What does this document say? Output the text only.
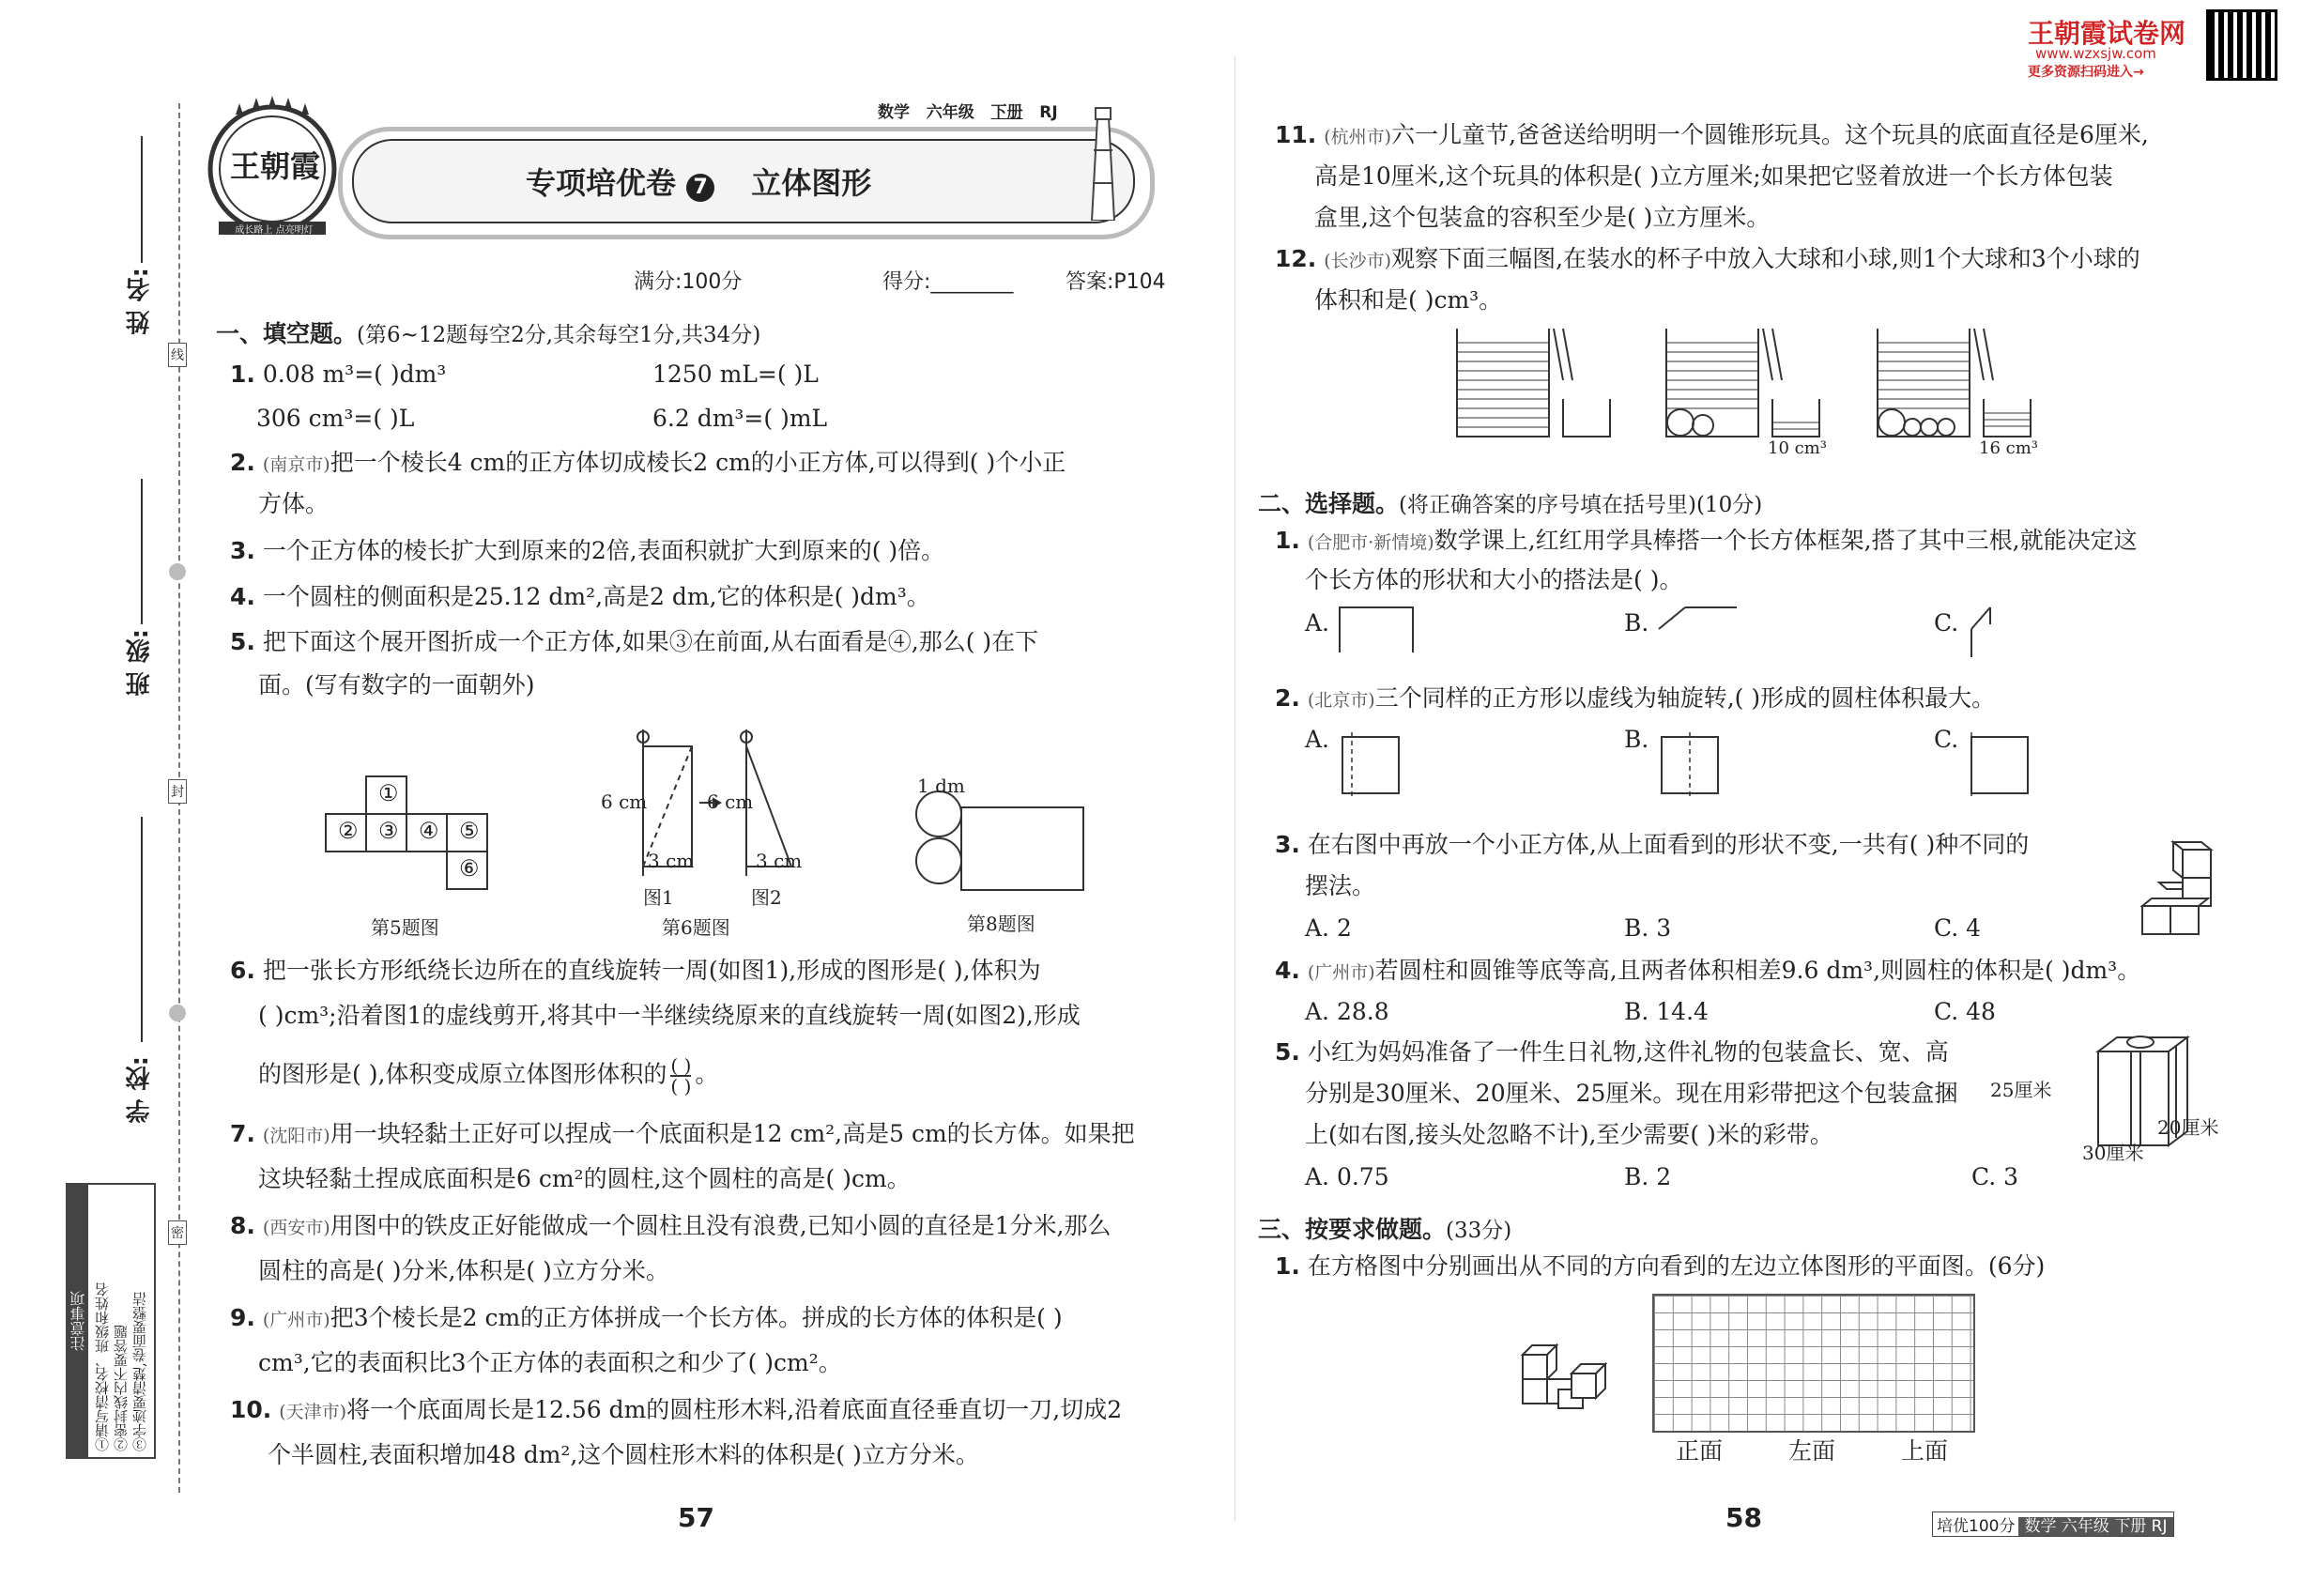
姓 名:
班 级:
学 校:
线
封
密
注意事项 ①请写清校名、班级和姓名 ②密封线内不要答题 ③字迹要清楚,卷面要整洁
王朝霞
成长路上 点亮明灯
专项培优卷 7 立体图形
数学 六年级 下册 RJ
满分:100分	得分:________	答案:P104
王朝霞试卷网
www.wzxsjw.com
更多资源扫码进入→
一、填空题。(第6~12题每空2分,其余每空1分,共34分)
1. 0.08 m³=( )dm³	1250 mL=( )L
306 cm³=( )L	6.2 dm³=( )mL
2. (南京市)把一个棱长4 cm的正方体切成棱长2 cm的小正方体,可以得到( )个小正
方体。
3. 一个正方体的棱长扩大到原来的2倍,表面积就扩大到原来的( )倍。
4. 一个圆柱的侧面积是25.12 dm²,高是2 dm,它的体积是( )dm³。
5. 把下面这个展开图折成一个正方体,如果③在前面,从右面看是④,那么( )在下
面。(写有数字的一面朝外)
①
② ③ ④ ⑤
⑥
第5题图
6 cm	6 cm
3 cm	3 cm
图1	图2
第6题图
1 dm
第8题图
6. 把一张长方形纸绕长边所在的直线旋转一周(如图1),形成的图形是( ),体积为
( )cm³;沿着图1的虚线剪开,将其中一半继续绕原来的直线旋转一周(如图2),形成
的图形是( ),体积变成原立体图形体积的 ( )
( ) 。
7. (沈阳市)用一块轻黏土正好可以捏成一个底面积是12 cm²,高是5 cm的长方体。如果把
这块轻黏土捏成底面积是6 cm²的圆柱,这个圆柱的高是( )cm。
8. (西安市)用图中的铁皮正好能做成一个圆柱且没有浪费,已知小圆的直径是1分米,那么
圆柱的高是( )分米,体积是( )立方分米。
9. (广州市)把3个棱长是2 cm的正方体拼成一个长方体。拼成的长方体的体积是( )
cm³,它的表面积比3个正方体的表面积之和少了( )cm²。
10. (天津市)将一个底面周长是12.56 dm的圆柱形木料,沿着底面直径垂直切一刀,切成2
个半圆柱,表面积增加48 dm²,这个圆柱形木料的体积是( )立方分米。
57
11. (杭州市)六一儿童节,爸爸送给明明一个圆锥形玩具。这个玩具的底面直径是6厘米,
高是10厘米,这个玩具的体积是( )立方厘米;如果把它竖着放进一个长方体包装
盒里,这个包装盒的容积至少是( )立方厘米。
12. (长沙市)观察下面三幅图,在装水的杯子中放入大球和小球,则1个大球和3个小球的
体积和是( )cm³。
10 cm³	16 cm³
二、选择题。(将正确答案的序号填在括号里)(10分)
1. (合肥市·新情境)数学课上,红红用学具棒搭一个长方体框架,搭了其中三根,就能决定这
个长方体的形状和大小的搭法是( )。
A.	B.	C.
2. (北京市)三个同样的正方形以虚线为轴旋转,( )形成的圆柱体积最大。
A.	B.	C.
3. 在右图中再放一个小正方体,从上面看到的形状不变,一共有( )种不同的
摆法。
A. 2	B. 3	C. 4
4. (广州市)若圆柱和圆锥等底等高,且两者体积相差9.6 dm³,则圆柱的体积是( )dm³。
A. 28.8	B. 14.4	C. 48
5. 小红为妈妈准备了一件生日礼物,这件礼物的包装盒长、宽、高
分别是30厘米、20厘米、25厘米。现在用彩带把这个包装盒捆
上(如右图,接头处忽略不计),至少需要( )米的彩带。
A. 0.75	B. 2	C. 3
25厘米
20厘米
30厘米
三、按要求做题。(33分)
1. 在方格图中分别画出从不同的方向看到的左边立体图形的平面图。(6分)
正面	左面	上面
58	培优100分 数学 六年级 下册 RJ
